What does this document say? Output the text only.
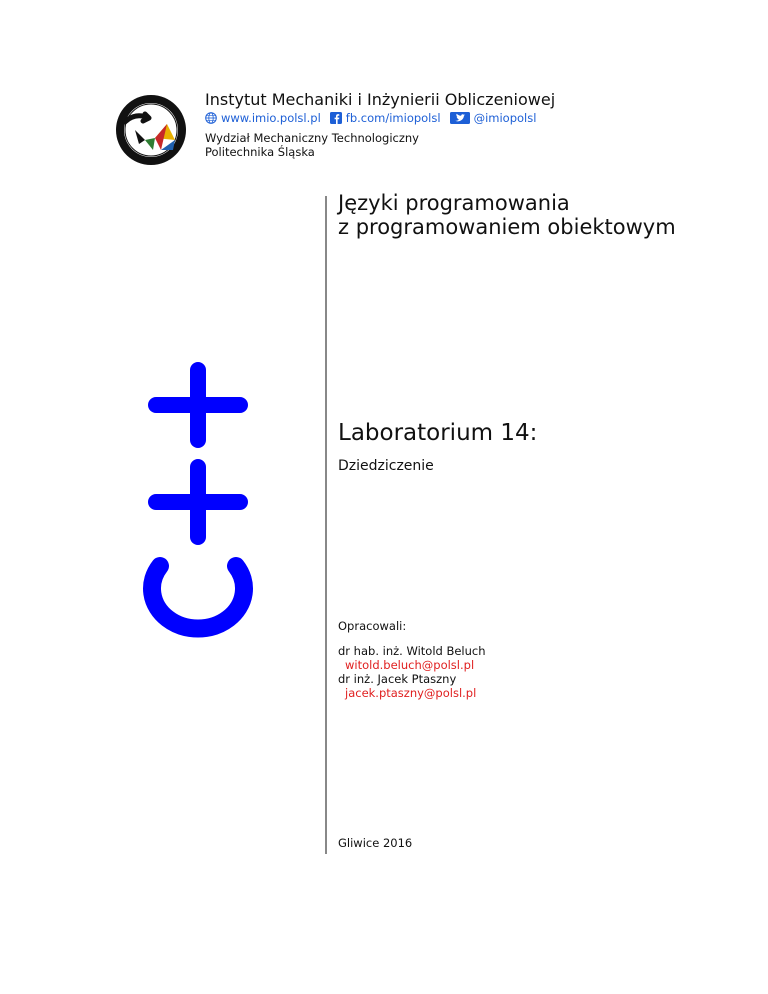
Instytut Mechaniki i Inżynierii Obliczeniowej
www.imio.polsl.pl fb.com/imiopolsl	@imiopolsl
Wydział Mechaniczny Technologiczny
Politechnika Śląska
Języki programowania
z programowaniem obiektowym
Laboratorium 14:
Dziedziczenie
Opracowali:
dr hab. inż. Witold Beluch
witold.beluch@polsl.pl
dr inż. Jacek Ptaszny
jacek.ptaszny@polsl.pl
Gliwice 2016
